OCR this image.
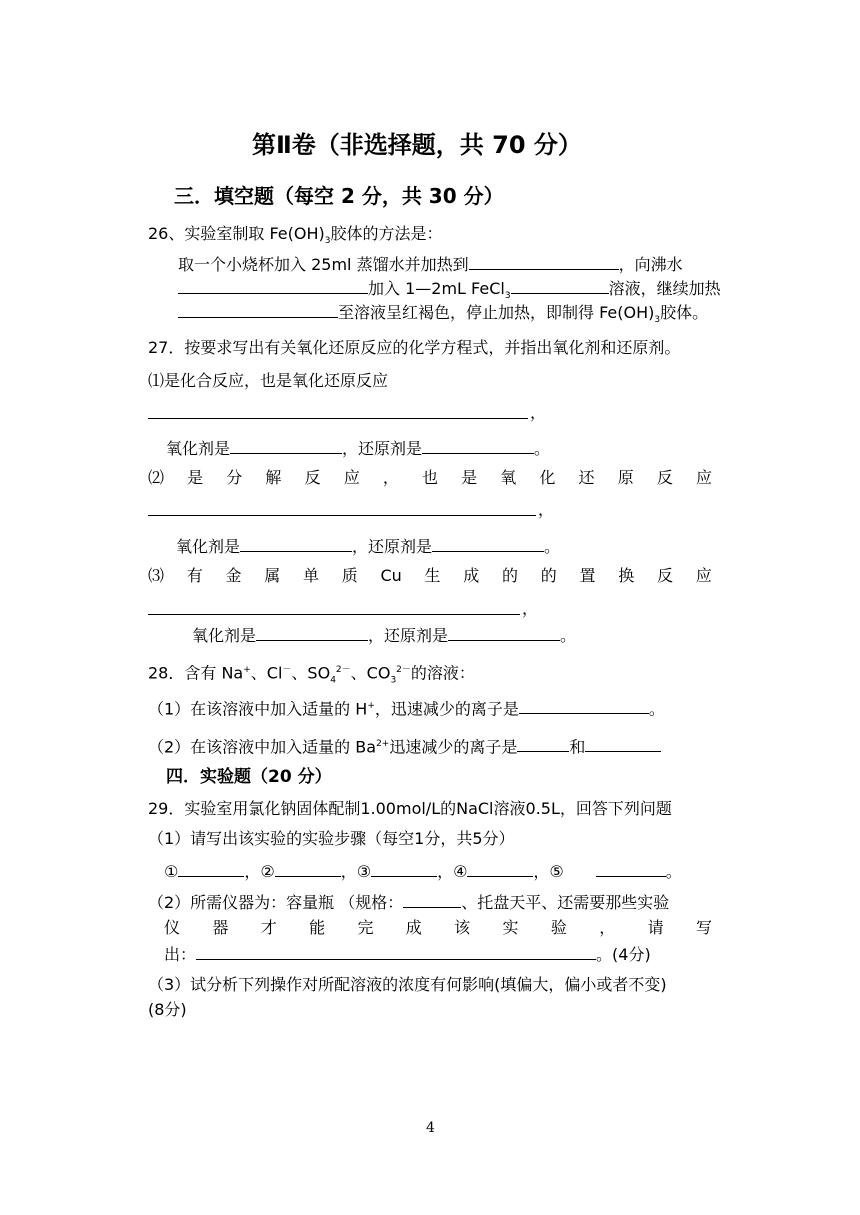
第Ⅱ卷（非选择题，共 70 分）
三．填空题（每空 2 分，共 30 分）
26、实验室制取 $Fe(OH)_3$胶体的方法是：
取一个小烧杯加入 25ml 蒸馏水并加热到	，向沸水
加入 1—2mL FeCl$_3$	溶液，继续加热
至溶液呈红褐色，停止加热，即制得 $Fe(OH)_3$胶体。
27．按要求写出有关氧化还原反应的化学方程式，并指出氧化剂和还原剂。
⑴是化合反应，也是氧化还原反应
，
氧化剂是	，还原剂是	。
⑵ 是 分 解 反 应 ， 也 是 氧 化 还 原 反 应
，
氧化剂是	，还原剂是	。
⑶ 有 金 属 单 质 Cu 生 成 的 的 置 换 反 应
，
氧化剂是	，还原剂是	。
28．含有 Na+、Cl－、$SO_4^{2-}$、$CO_3^{2-}$的溶液：
（1）在该溶液中加入适量的 H+，迅速减少的离子是	。
（2）在该溶液中加入适量的 $Ba^{2+}$迅速减少的离子是	和
四．实验题（20 分）
29．实验室用氯化钠固体配制1.00mol/L的NaCl溶液0.5L，回答下列问题
（1）请写出该实验的实验步骤（每空1分，共5分）
①	，②	，③	，④	，⑤	。
（2）所需仪器为：容量瓶 （规格：	、托盘天平、还需要那些实验
仪 器 才 能 完 成 该 实 验 ， 请 写
出：	。(4分)
（3）试分析下列操作对所配溶液的浓度有何影响(填偏大，偏小或者不变)
(8分)
4
